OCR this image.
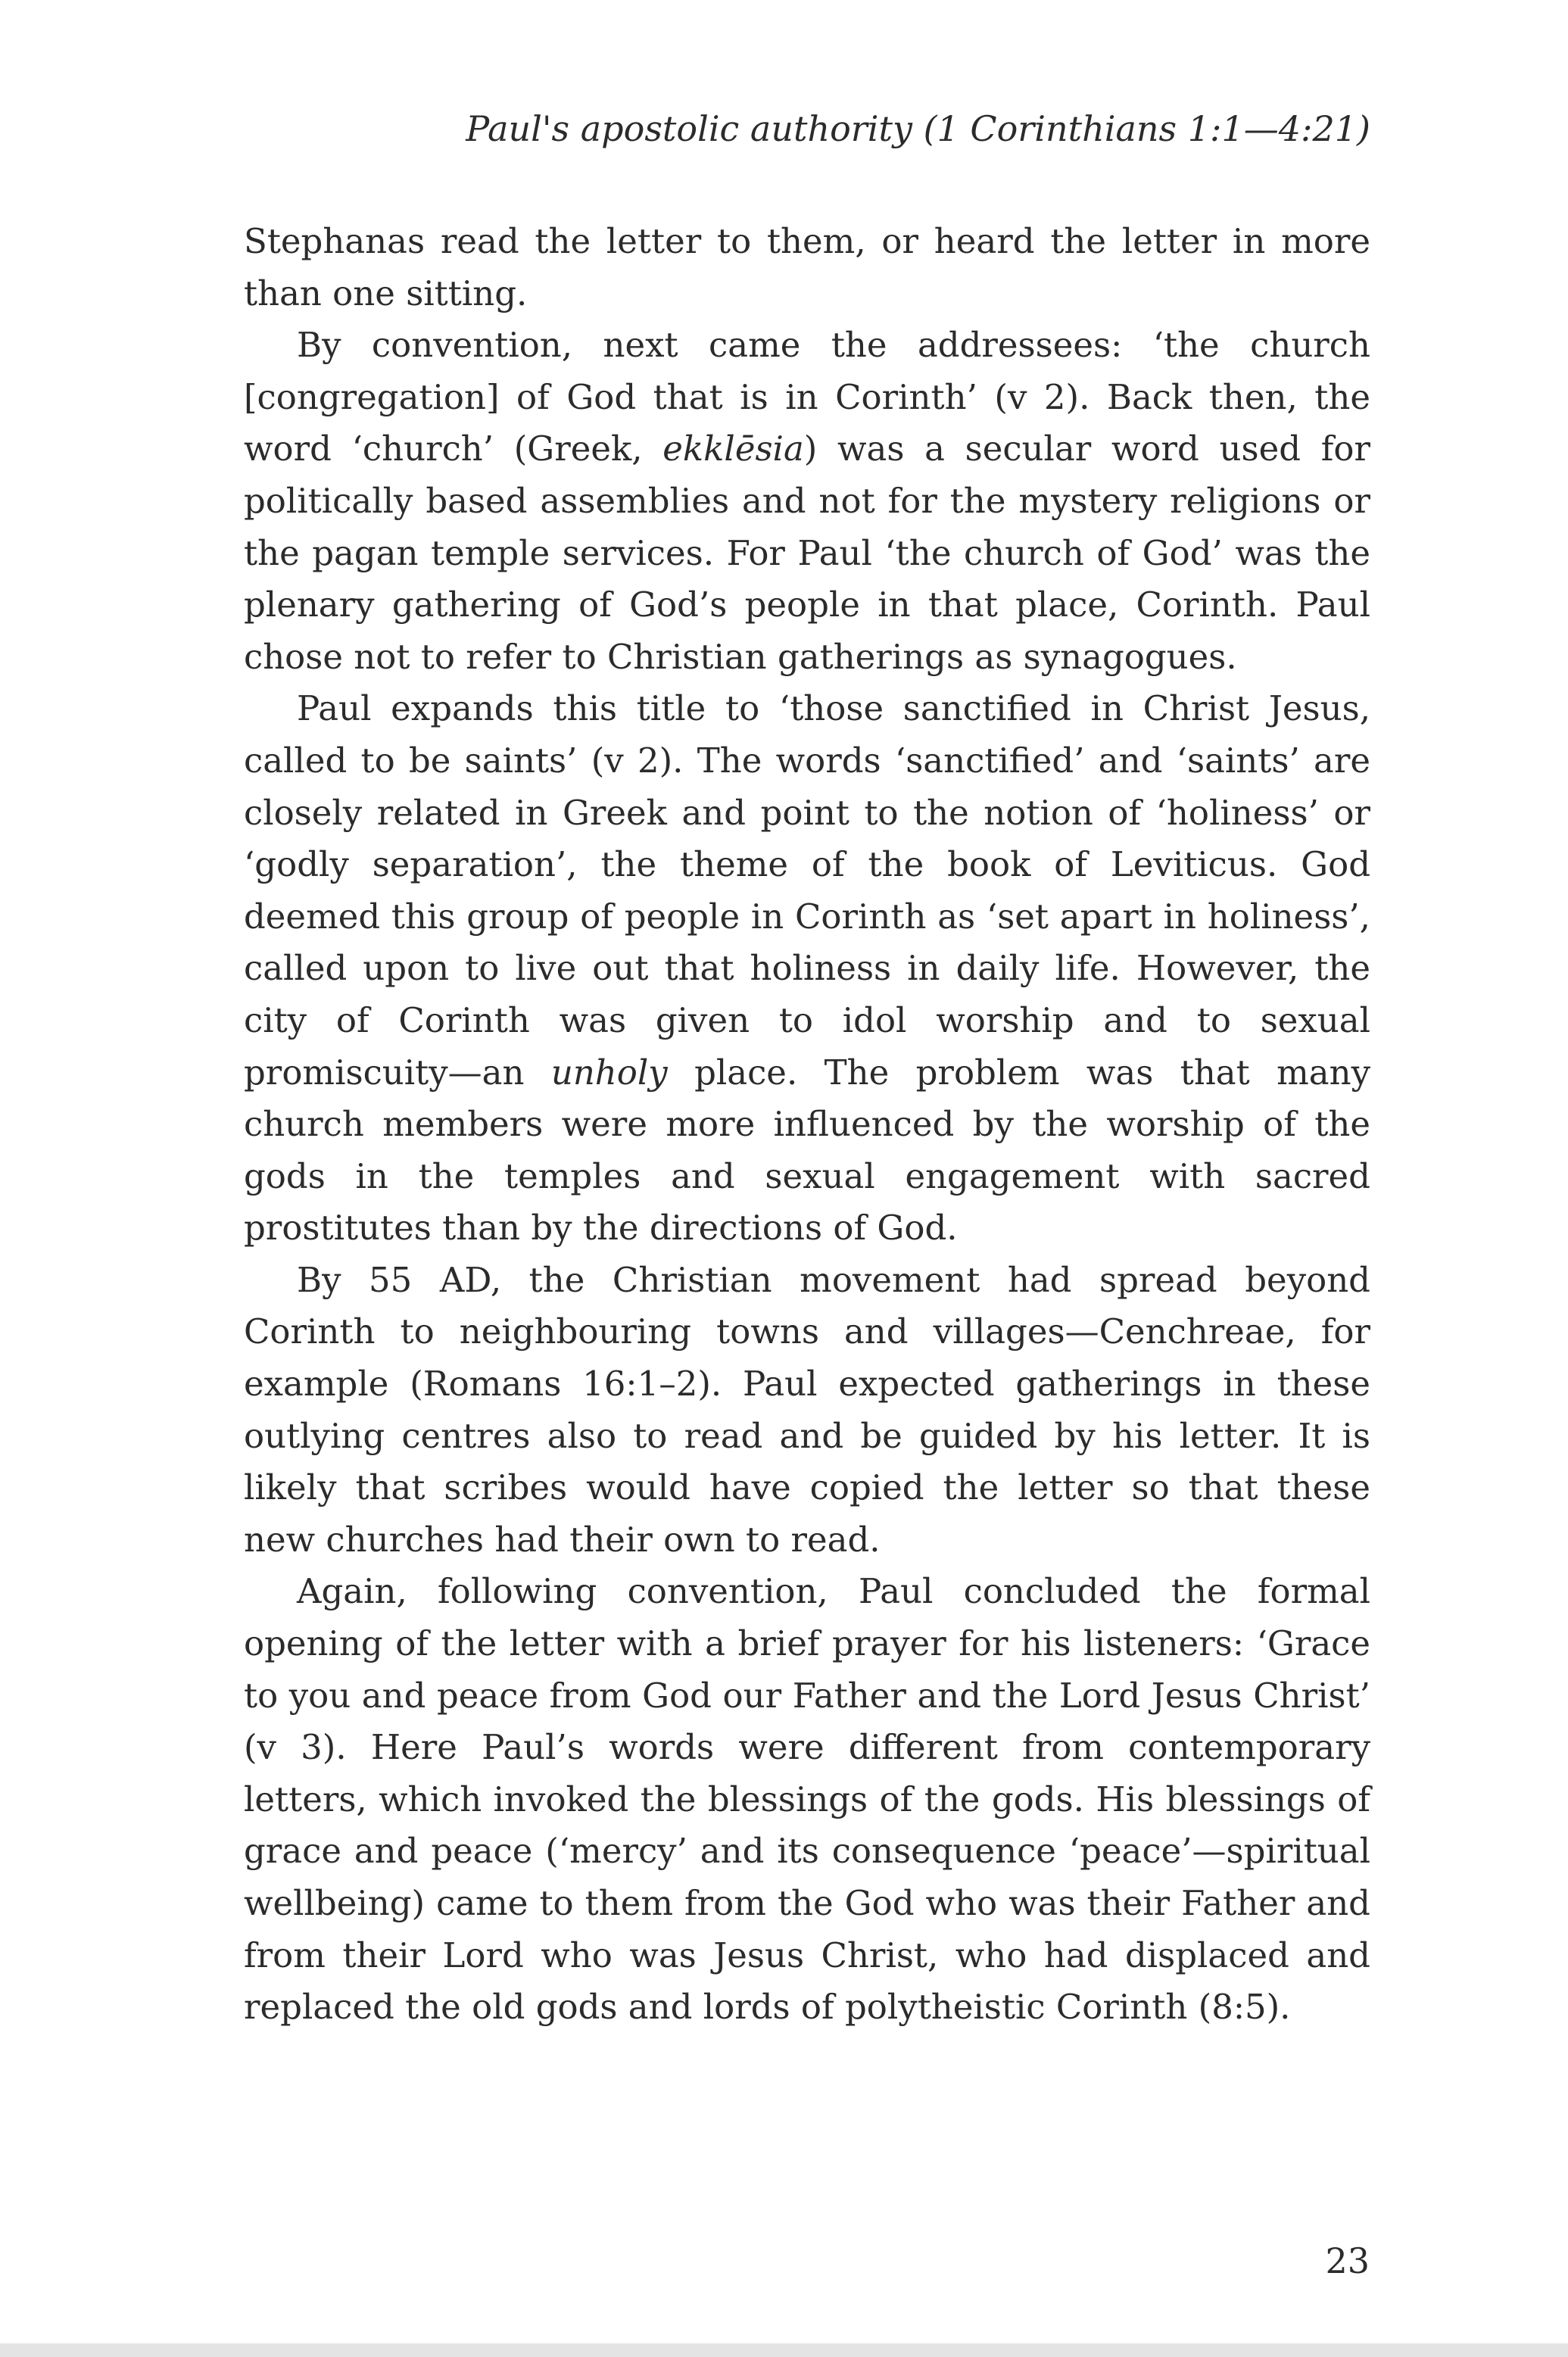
Paul's apostolic authority (1 Corinthians 1:1—4:21)

Stephanas read the letter to them, or heard the letter in more than one sitting.

By convention, next came the addressees: ‘the church [congregation] of God that is in Corinth’ (v 2). Back then, the word ‘church’ (Greek, ekklēsia) was a secular word used for politically based assemblies and not for the mystery religions or the pagan temple services. For Paul ‘the church of God’ was the plenary gathering of God’s people in that place, Corinth. Paul chose not to refer to Christian gatherings as synagogues.

Paul expands this title to ‘those sanctified in Christ Jesus, called to be saints’ (v 2). The words ‘sanctified’ and ‘saints’ are closely related in Greek and point to the notion of ‘holiness’ or ‘godly separation’, the theme of the book of Leviticus. God deemed this group of people in Corinth as ‘set apart in holiness’, called upon to live out that holiness in daily life. However, the city of Corinth was given to idol worship and to sexual promiscuity—an unholy place. The problem was that many church members were more influenced by the worship of the gods in the temples and sexual engagement with sacred prostitutes than by the directions of God.

By 55 AD, the Christian movement had spread beyond Corinth to neighbouring towns and villages—Cenchreae, for example (Romans 16:1–2). Paul expected gatherings in these outlying centres also to read and be guided by his letter. It is likely that scribes would have copied the letter so that these new churches had their own to read.

Again, following convention, Paul concluded the formal opening of the letter with a brief prayer for his listeners: ‘Grace to you and peace from God our Father and the Lord Jesus Christ’ (v 3). Here Paul’s words were different from contemporary letters, which invoked the blessings of the gods. His blessings of grace and peace (‘mercy’ and its consequence ‘peace’—spiritual wellbeing) came to them from the God who was their Father and from their Lord who was Jesus Christ, who had displaced and replaced the old gods and lords of polytheistic Corinth (8:5).

23
